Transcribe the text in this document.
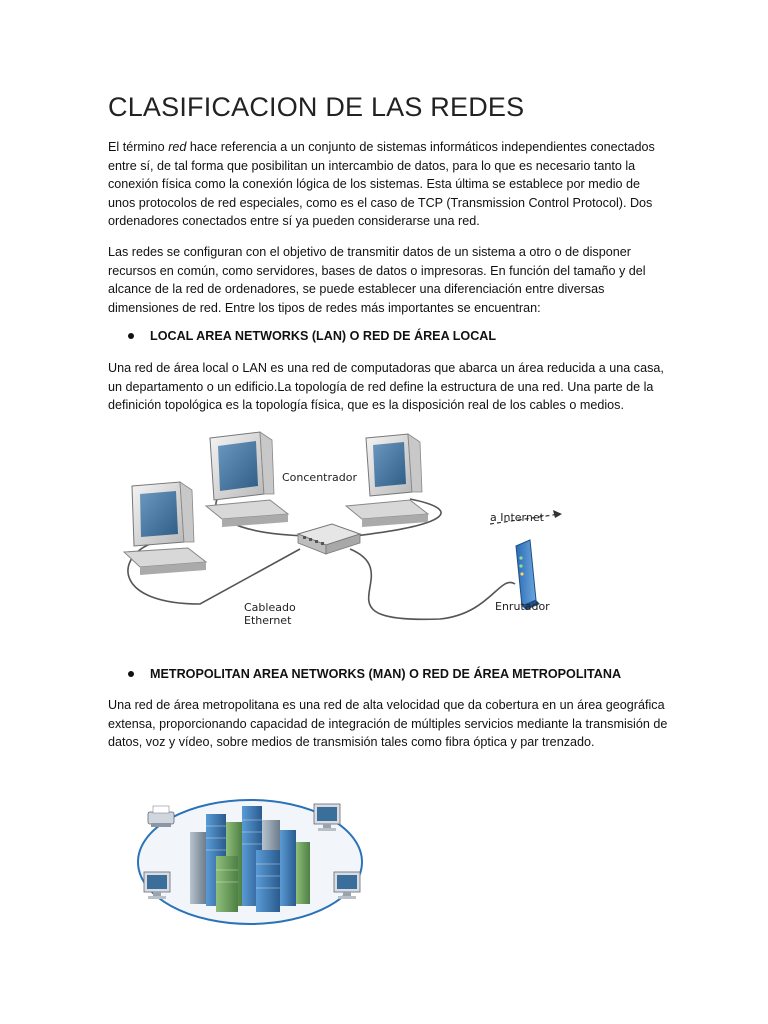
CLASIFICACION DE LAS REDES

El término red hace referencia a un conjunto de sistemas informáticos independientes conectados entre sí, de tal forma que posibilitan un intercambio de datos, para lo que es necesario tanto la conexión física como la conexión lógica de los sistemas. Esta última se establece por medio de unos protocolos de red especiales, como es el caso de TCP (Transmission Control Protocol). Dos ordenadores conectados entre sí ya pueden considerarse una red.

Las redes se configuran con el objetivo de transmitir datos de un sistema a otro o de disponer recursos en común, como servidores, bases de datos o impresoras. En función del tamaño y del alcance de la red de ordenadores, se puede establecer una diferenciación entre diversas dimensiones de red. Entre los tipos de redes más importantes se encuentran:

LOCAL AREA NETWORKS (LAN) O RED DE ÁREA LOCAL

Una red de área local o LAN es una red de computadoras que abarca un área reducida a una casa, un departamento o un edificio.La topología de red define la estructura de una red. Una parte de la definición topológica es la topología física, que es la disposición real de los cables o medios.

Concentrador
a Internet
Cableado
Ethernet
Enrutador
METROPOLITAN AREA NETWORKS (MAN) O RED DE ÁREA METROPOLITANA

Una red de área metropolitana es una red de alta velocidad que da cobertura en un área geográfica extensa, proporcionando capacidad de integración de múltiples servicios mediante la transmisión de datos, voz y vídeo, sobre medios de transmisión tales como fibra óptica y par trenzado.
